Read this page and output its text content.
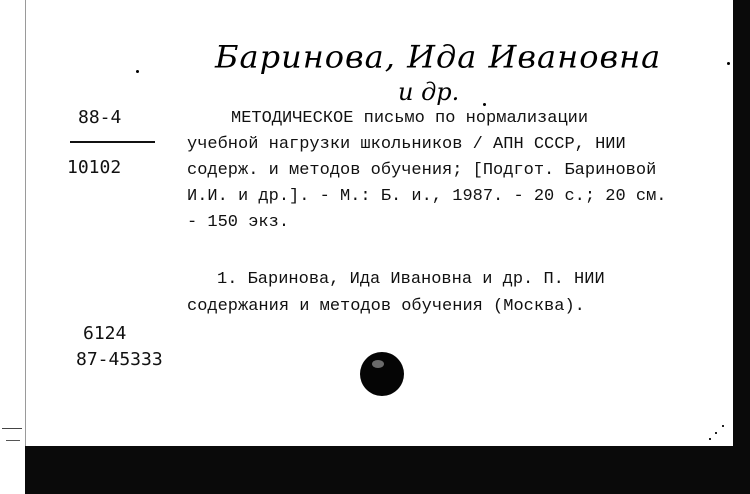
Баринова, Ида Ивановна
и др.
88-4
10102
МЕТОДИЧЕСКОЕ письмо по нормализации
учебной нагрузки школьников / АПН СССР, НИИ
содерж. и методов обучения; [Подгот. Бариновой
И.И. и др.]. - М.: Б. и., 1987. - 20 с.; 20 см.
- 150 экз.
1. Баринова, Ида Ивановна и др. П. НИИ
содержания и методов обучения (Москва).
6124
87-45333
